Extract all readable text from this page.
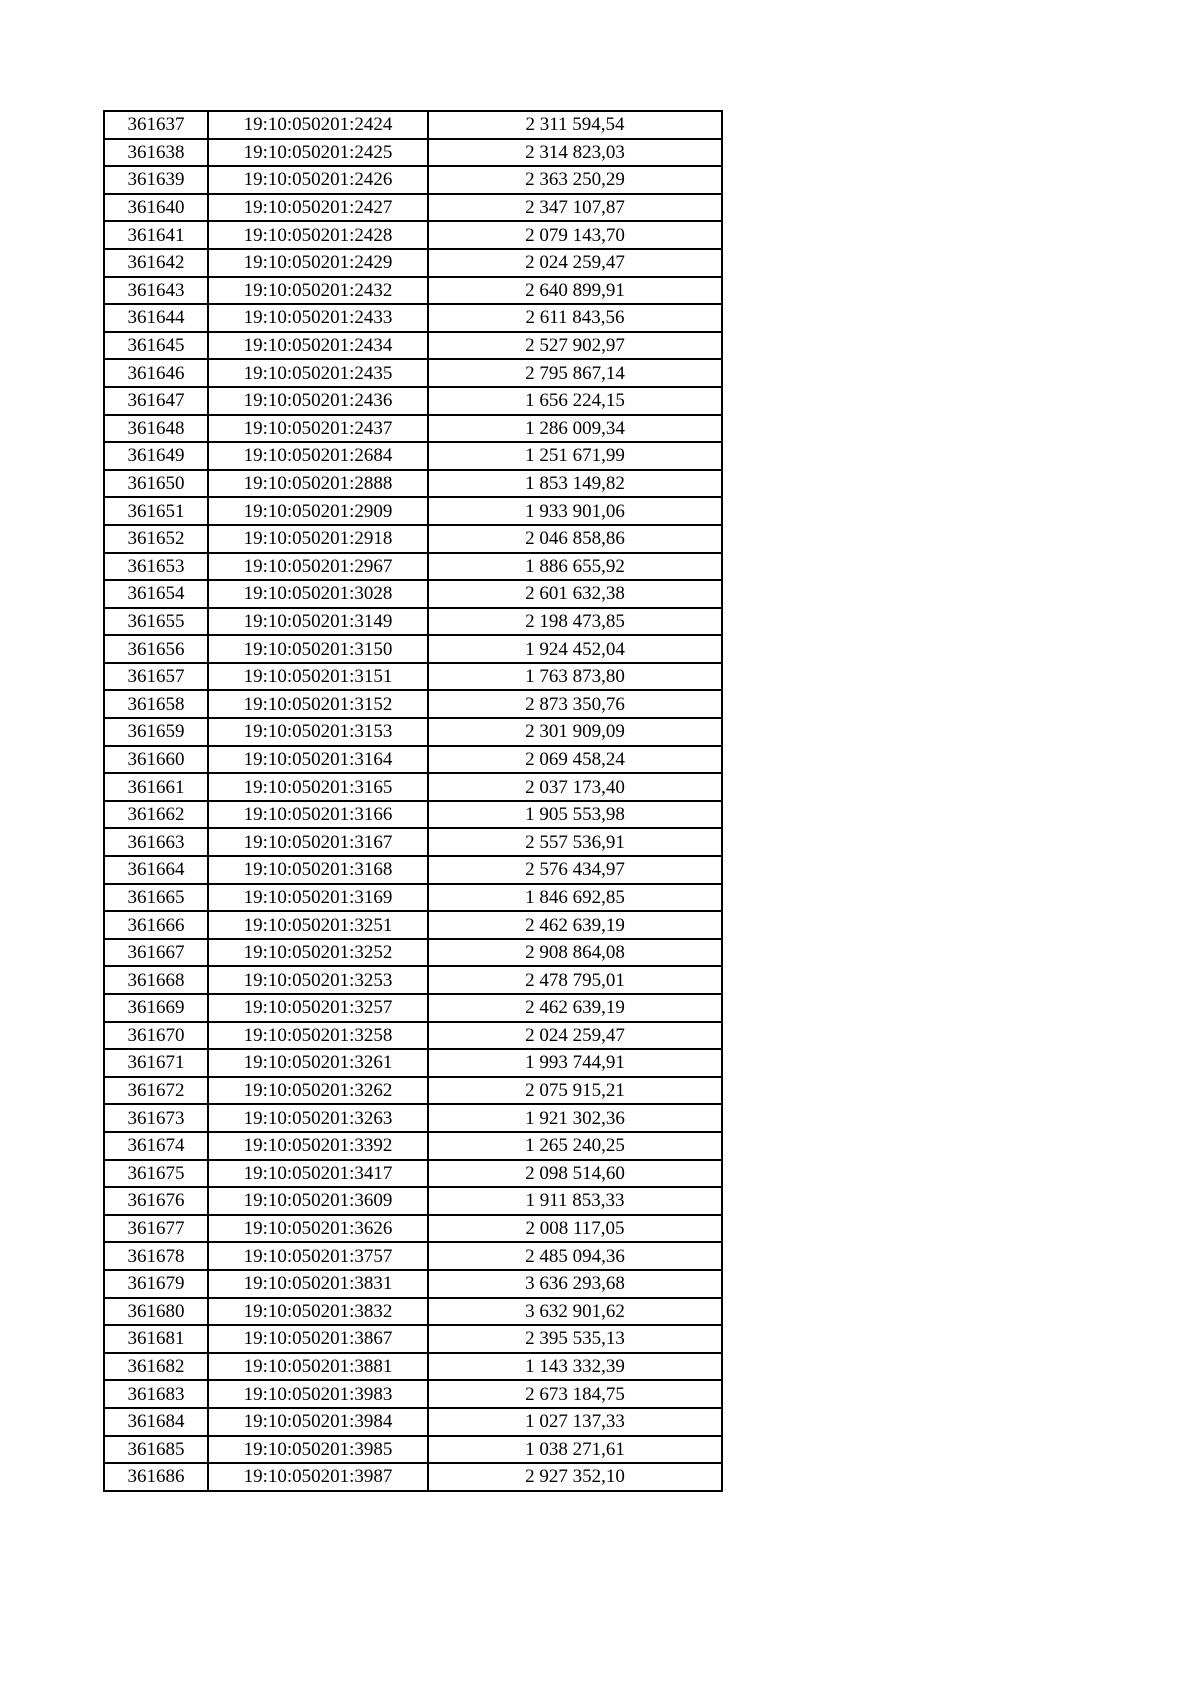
361637	19:10:050201:2424	2 311 594,54
361638	19:10:050201:2425	2 314 823,03
361639	19:10:050201:2426	2 363 250,29
361640	19:10:050201:2427	2 347 107,87
361641	19:10:050201:2428	2 079 143,70
361642	19:10:050201:2429	2 024 259,47
361643	19:10:050201:2432	2 640 899,91
361644	19:10:050201:2433	2 611 843,56
361645	19:10:050201:2434	2 527 902,97
361646	19:10:050201:2435	2 795 867,14
361647	19:10:050201:2436	1 656 224,15
361648	19:10:050201:2437	1 286 009,34
361649	19:10:050201:2684	1 251 671,99
361650	19:10:050201:2888	1 853 149,82
361651	19:10:050201:2909	1 933 901,06
361652	19:10:050201:2918	2 046 858,86
361653	19:10:050201:2967	1 886 655,92
361654	19:10:050201:3028	2 601 632,38
361655	19:10:050201:3149	2 198 473,85
361656	19:10:050201:3150	1 924 452,04
361657	19:10:050201:3151	1 763 873,80
361658	19:10:050201:3152	2 873 350,76
361659	19:10:050201:3153	2 301 909,09
361660	19:10:050201:3164	2 069 458,24
361661	19:10:050201:3165	2 037 173,40
361662	19:10:050201:3166	1 905 553,98
361663	19:10:050201:3167	2 557 536,91
361664	19:10:050201:3168	2 576 434,97
361665	19:10:050201:3169	1 846 692,85
361666	19:10:050201:3251	2 462 639,19
361667	19:10:050201:3252	2 908 864,08
361668	19:10:050201:3253	2 478 795,01
361669	19:10:050201:3257	2 462 639,19
361670	19:10:050201:3258	2 024 259,47
361671	19:10:050201:3261	1 993 744,91
361672	19:10:050201:3262	2 075 915,21
361673	19:10:050201:3263	1 921 302,36
361674	19:10:050201:3392	1 265 240,25
361675	19:10:050201:3417	2 098 514,60
361676	19:10:050201:3609	1 911 853,33
361677	19:10:050201:3626	2 008 117,05
361678	19:10:050201:3757	2 485 094,36
361679	19:10:050201:3831	3 636 293,68
361680	19:10:050201:3832	3 632 901,62
361681	19:10:050201:3867	2 395 535,13
361682	19:10:050201:3881	1 143 332,39
361683	19:10:050201:3983	2 673 184,75
361684	19:10:050201:3984	1 027 137,33
361685	19:10:050201:3985	1 038 271,61
361686	19:10:050201:3987	2 927 352,10
